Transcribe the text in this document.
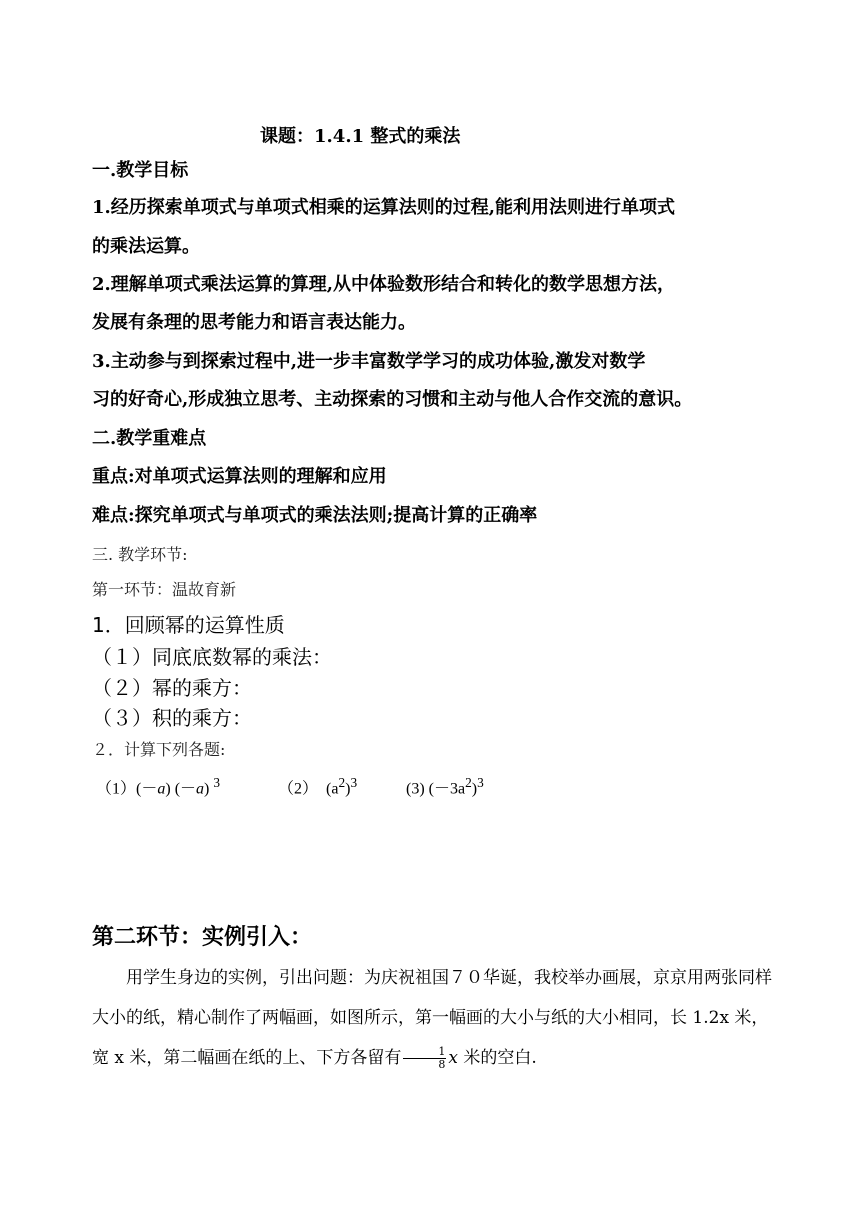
课题：1.4.1 整式的乘法
一.教学目标
1.经历探索单项式与单项式相乘的运算法则的过程,能利用法则进行单项式
的乘法运算。
2.理解单项式乘法运算的算理,从中体验数形结合和转化的数学思想方法，
发展有条理的思考能力和语言表达能力。
3.主动参与到探索过程中,进一步丰富数学学习的成功体验,激发对数学
习的好奇心,形成独立思考、主动探索的习惯和主动与他人合作交流的意识。
二.教学重难点
重点:对单项式运算法则的理解和应用
难点:探究单项式与单项式的乘法法则;提高计算的正确率
三. 教学环节:
第一环节：温故育新
1．回顾幂的运算性质
（１）同底底数幂的乘法：
（２）幂的乘方：
（３）积的乘方：
２．计算下列各题:
（1）(－a) (－a) $^3$	（2） $(a^2)^3$	(3) $(-3a^2)^3$
第二环节：实例引入：
用学生身边的实例，引出问题：为庆祝祖国７０华诞，我校举办画展，京京用两张同样大小的纸，精心制作了两幅画，如图所示，第一幅画的大小与纸的大小相同，长 1.2x 米，宽 x 米，第二幅画在纸的上、下方各留有 $\frac{1}{8}$ x 米的空白.
